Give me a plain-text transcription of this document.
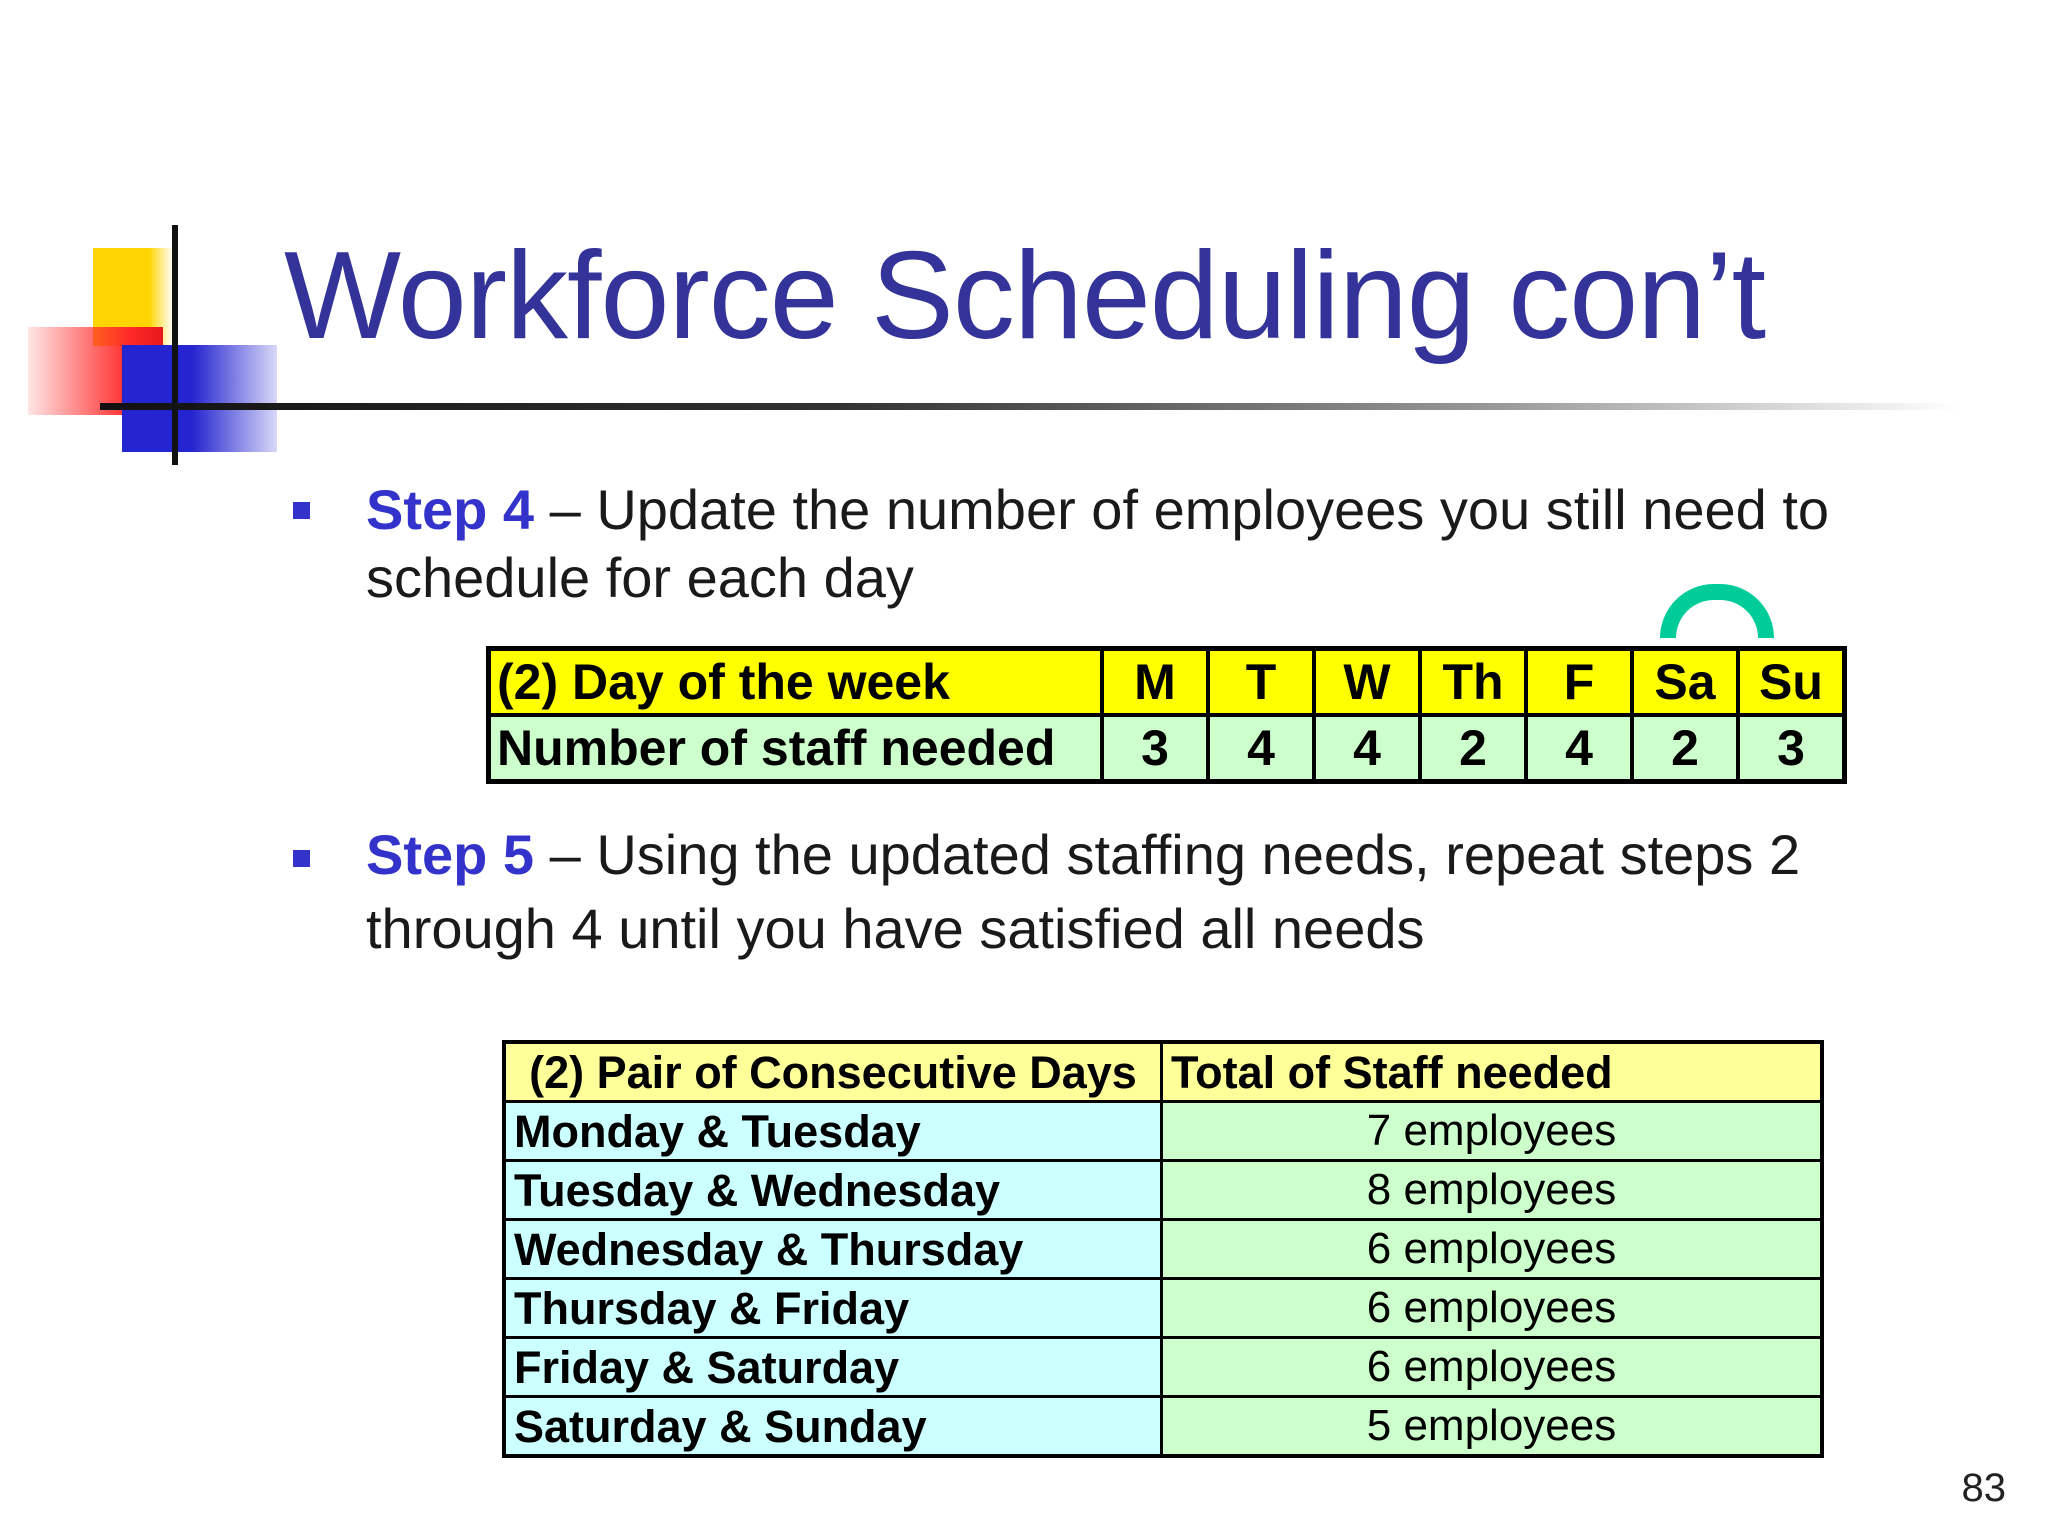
Workforce Scheduling con’t

Step 4 – Update the number of employees you still need to schedule for each day

(2) Day of the week	M	T	W	Th	F	Sa	Su
Number of staff needed	3	4	4	2	4	2	3

Step 5 – Using the updated staffing needs, repeat steps 2 through 4 until you have satisfied all needs

(2) Pair of Consecutive Days	Total of Staff needed
Monday & Tuesday	7 employees
Tuesday & Wednesday	8 employees
Wednesday & Thursday	6 employees
Thursday & Friday	6 employees
Friday & Saturday	6 employees
Saturday & Sunday	5 employees
83
